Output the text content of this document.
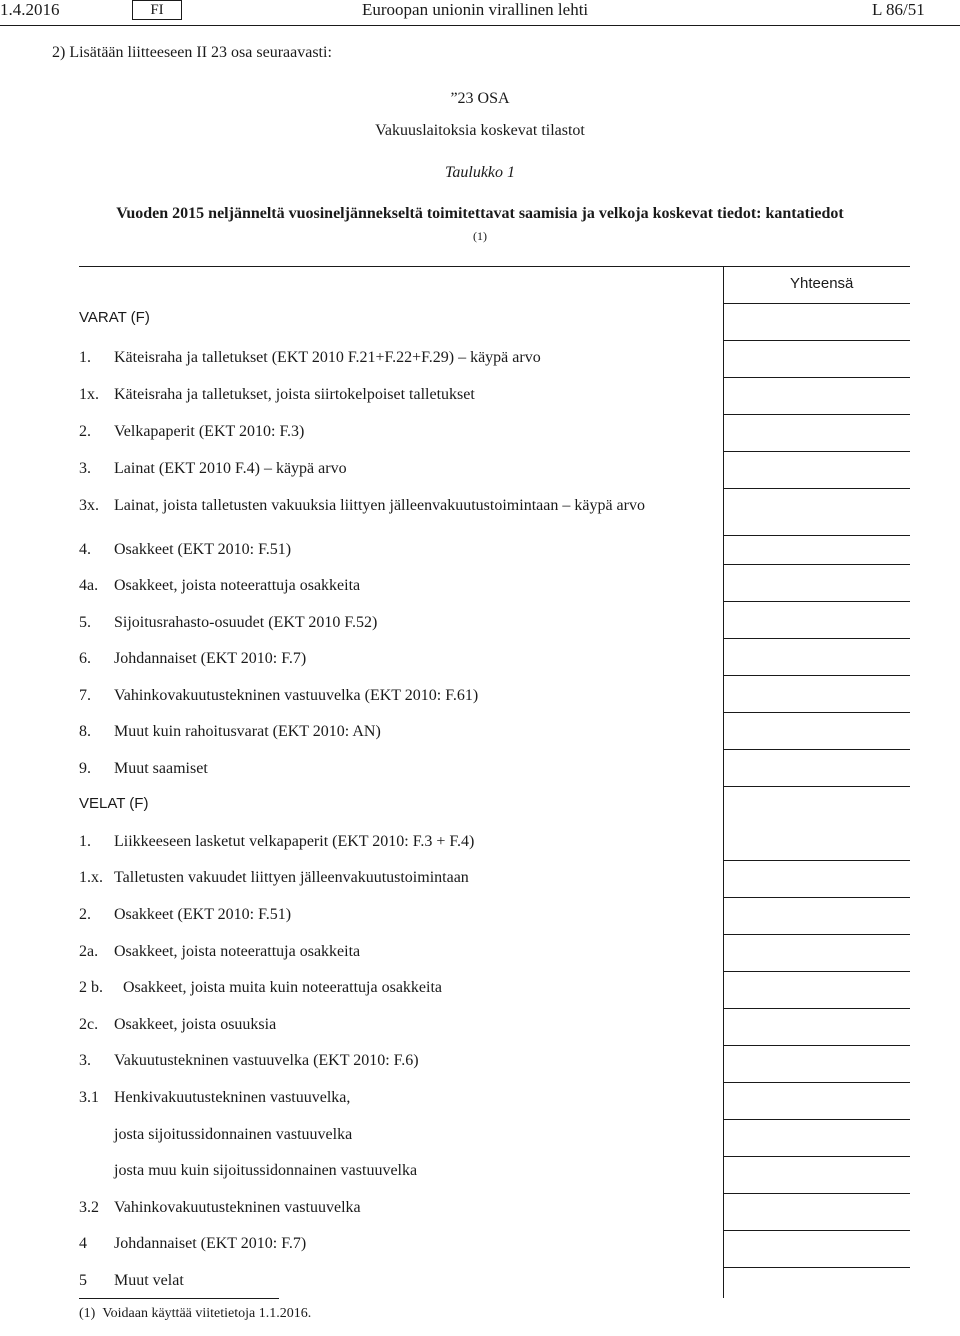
1.4.2016	FI	Euroopan unionin virallinen lehti	L 86/51
2) Lisätään liitteeseen II 23 osa seuraavasti:
”23 OSA
Vakuuslaitoksia koskevat tilastot
Taulukko 1
Vuoden 2015 neljänneltä vuosineljännekseltä toimitettavat saamisia ja velkoja koskevat tiedot: kantatiedot
(1)
Yhteensä
VARAT (F)
1. Käteisraha ja talletukset (EKT 2010 F.21+F.22+F.29) – käypä arvo
1x. Käteisraha ja talletukset, joista siirtokelpoiset talletukset
2. Velkapaperit (EKT 2010: F.3)
3. Lainat (EKT 2010 F.4) – käypä arvo
3x. Lainat, joista talletusten vakuuksia liittyen jälleenvakuutustoimintaan – käypä arvo
4. Osakkeet (EKT 2010: F.51)
4a. Osakkeet, joista noteerattuja osakkeita
5. Sijoitusrahasto-osuudet (EKT 2010 F.52)
6. Johdannaiset (EKT 2010: F.7)
7. Vahinkovakuutustekninen vastuuvelka (EKT 2010: F.61)
8. Muut kuin rahoitusvarat (EKT 2010: AN)
9. Muut saamiset
VELAT (F)
1. Liikkeeseen lasketut velkapaperit (EKT 2010: F.3 + F.4)
1.x. Talletusten vakuudet liittyen jälleenvakuutustoimintaan
2. Osakkeet (EKT 2010: F.51)
2a. Osakkeet, joista noteerattuja osakkeita
2 b. Osakkeet, joista muita kuin noteerattuja osakkeita
2c. Osakkeet, joista osuuksia
3. Vakuutustekninen vastuuvelka (EKT 2010: F.6)
3.1 Henkivakuutustekninen vastuuvelka,
josta sijoitussidonnainen vastuuvelka
josta muu kuin sijoitussidonnainen vastuuvelka
3.2 Vahinkovakuutustekninen vastuuvelka
4 Johdannaiset (EKT 2010: F.7)
5 Muut velat
(1) Voidaan käyttää viitetietoja 1.1.2016.
